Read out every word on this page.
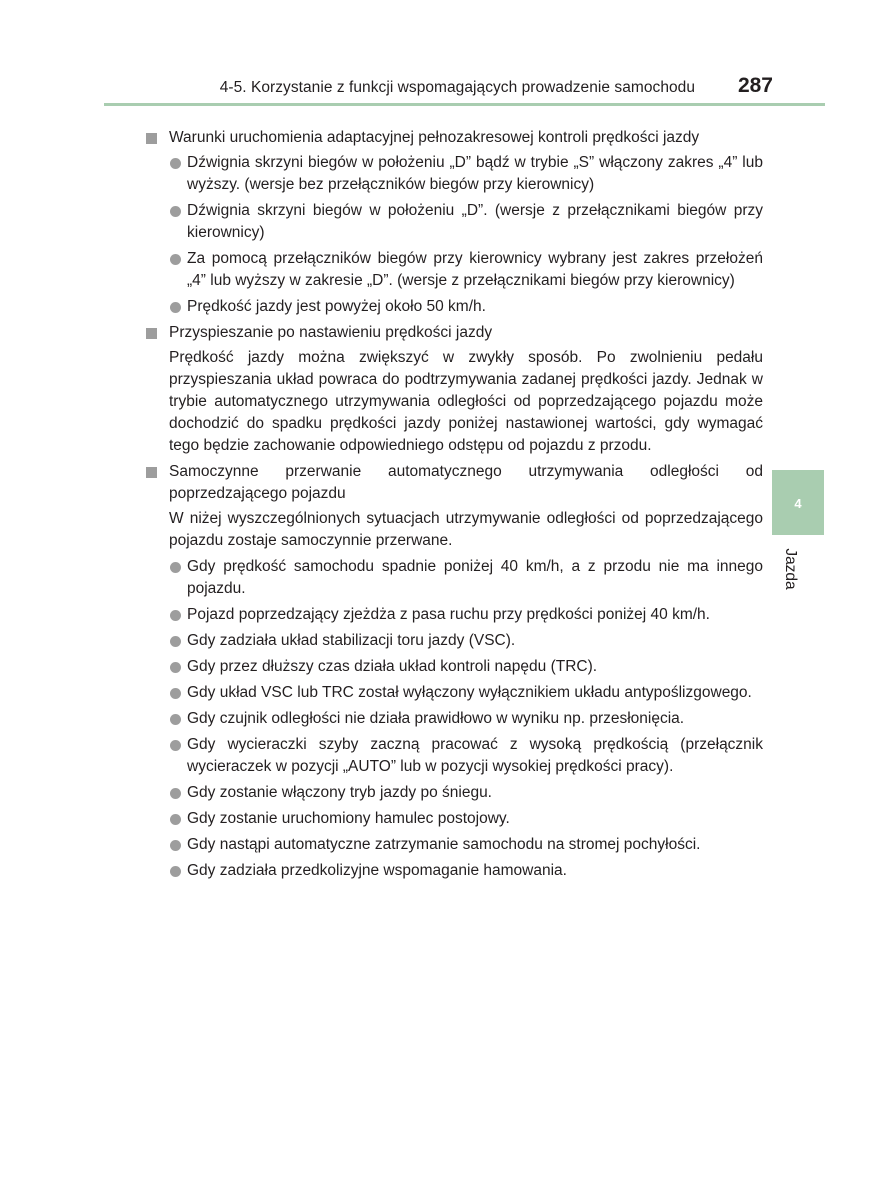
4-5. Korzystanie z funkcji wspomagających prowadzenie samochodu 287
4
Jazda
Warunki uruchomienia adaptacyjnej pełnozakresowej kontroli prędkości jazdy
Dźwignia skrzyni biegów w położeniu „D” bądź w trybie „S” włączony zakres „4” lub wyższy. (wersje bez przełączników biegów przy kierownicy)
Dźwignia skrzyni biegów w położeniu „D”. (wersje z przełącznikami biegów przy kierownicy)
Za pomocą przełączników biegów przy kierownicy wybrany jest zakres przełożeń „4” lub wyższy w zakresie „D”. (wersje z przełącznikami biegów przy kierownicy)
Prędkość jazdy jest powyżej około 50 km/h.
Przyspieszanie po nastawieniu prędkości jazdy
Prędkość jazdy można zwiększyć w zwykły sposób. Po zwolnieniu pedału przyspieszania układ powraca do podtrzymywania zadanej prędkości jazdy. Jednak w trybie automatycznego utrzymywania odległości od poprzedzającego pojazdu może dochodzić do spadku prędkości jazdy poniżej nastawionej wartości, gdy wymagać tego będzie zachowanie odpowiedniego odstępu od pojazdu z przodu.
Samoczynne przerwanie automatycznego utrzymywania odległości od poprzedzającego pojazdu
W niżej wyszczególnionych sytuacjach utrzymywanie odległości od poprzedzającego pojazdu zostaje samoczynnie przerwane.
Gdy prędkość samochodu spadnie poniżej 40 km/h, a z przodu nie ma innego pojazdu.
Pojazd poprzedzający zjeżdża z pasa ruchu przy prędkości poniżej 40 km/h.
Gdy zadziała układ stabilizacji toru jazdy (VSC).
Gdy przez dłuższy czas działa układ kontroli napędu (TRC).
Gdy układ VSC lub TRC został wyłączony wyłącznikiem układu antypoślizgowego.
Gdy czujnik odległości nie działa prawidłowo w wyniku np. przesłonięcia.
Gdy wycieraczki szyby zaczną pracować z wysoką prędkością (przełącznik wycieraczek w pozycji „AUTO” lub w pozycji wysokiej prędkości pracy).
Gdy zostanie włączony tryb jazdy po śniegu.
Gdy zostanie uruchomiony hamulec postojowy.
Gdy nastąpi automatyczne zatrzymanie samochodu na stromej pochyłości.
Gdy zadziała przedkolizyjne wspomaganie hamowania.
